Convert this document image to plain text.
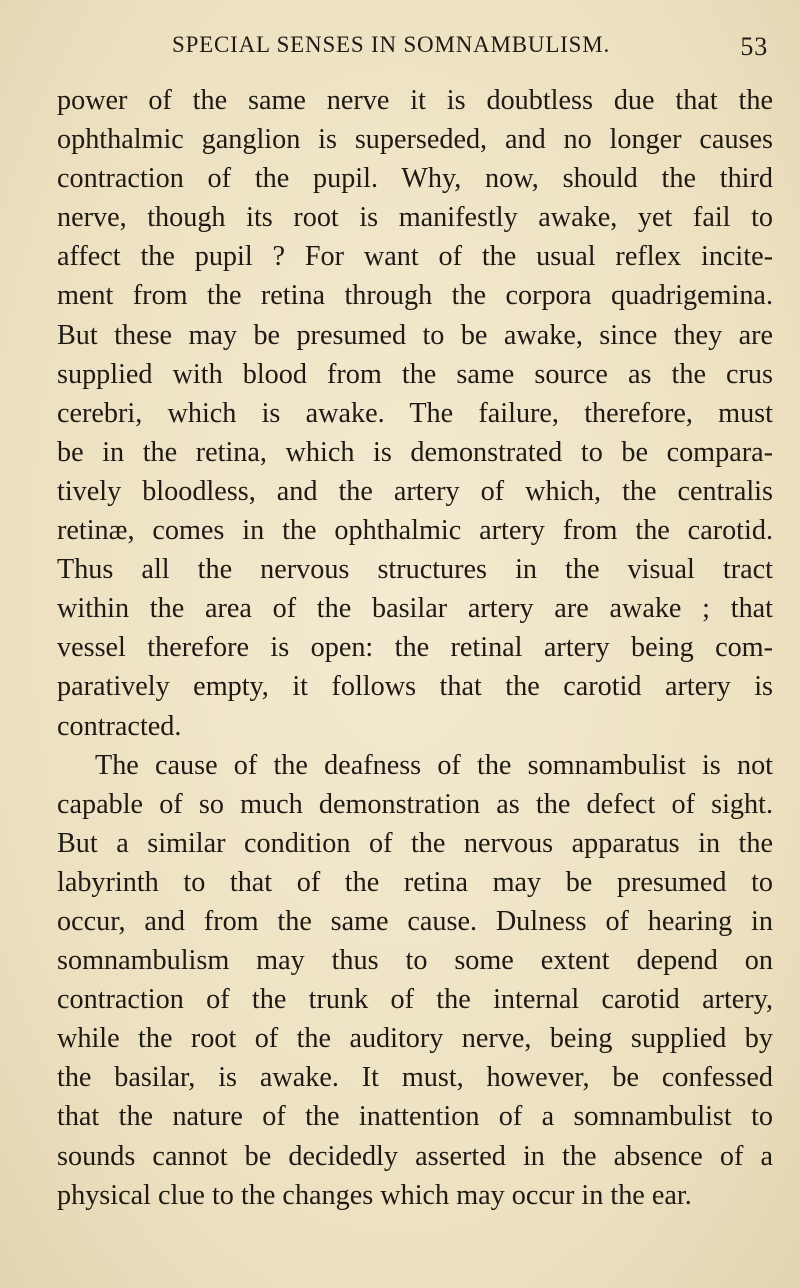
SPECIAL SENSES IN SOMNAMBULISM.	53
power of the same nerve it is doubtless due that the
ophthalmic ganglion is superseded, and no longer causes
contraction of the pupil. Why, now, should the third
nerve, though its root is manifestly awake, yet fail to
affect the pupil ? For want of the usual reflex incite-
ment from the retina through the corpora quadrigemina.
But these may be presumed to be awake, since they are
supplied with blood from the same source as the crus
cerebri, which is awake. The failure, therefore, must
be in the retina, which is demonstrated to be compara-
tively bloodless, and the artery of which, the centralis
retinæ, comes in the ophthalmic artery from the carotid.
Thus all the nervous structures in the visual tract
within the area of the basilar artery are awake ; that
vessel therefore is open: the retinal artery being com-
paratively empty, it follows that the carotid artery is
contracted.
The cause of the deafness of the somnambulist is not
capable of so much demonstration as the defect of sight.
But a similar condition of the nervous apparatus in the
labyrinth to that of the retina may be presumed to
occur, and from the same cause. Dulness of hearing in
somnambulism may thus to some extent depend on
contraction of the trunk of the internal carotid artery,
while the root of the auditory nerve, being supplied by
the basilar, is awake. It must, however, be confessed
that the nature of the inattention of a somnambulist to
sounds cannot be decidedly asserted in the absence of a
physical clue to the changes which may occur in the ear.
